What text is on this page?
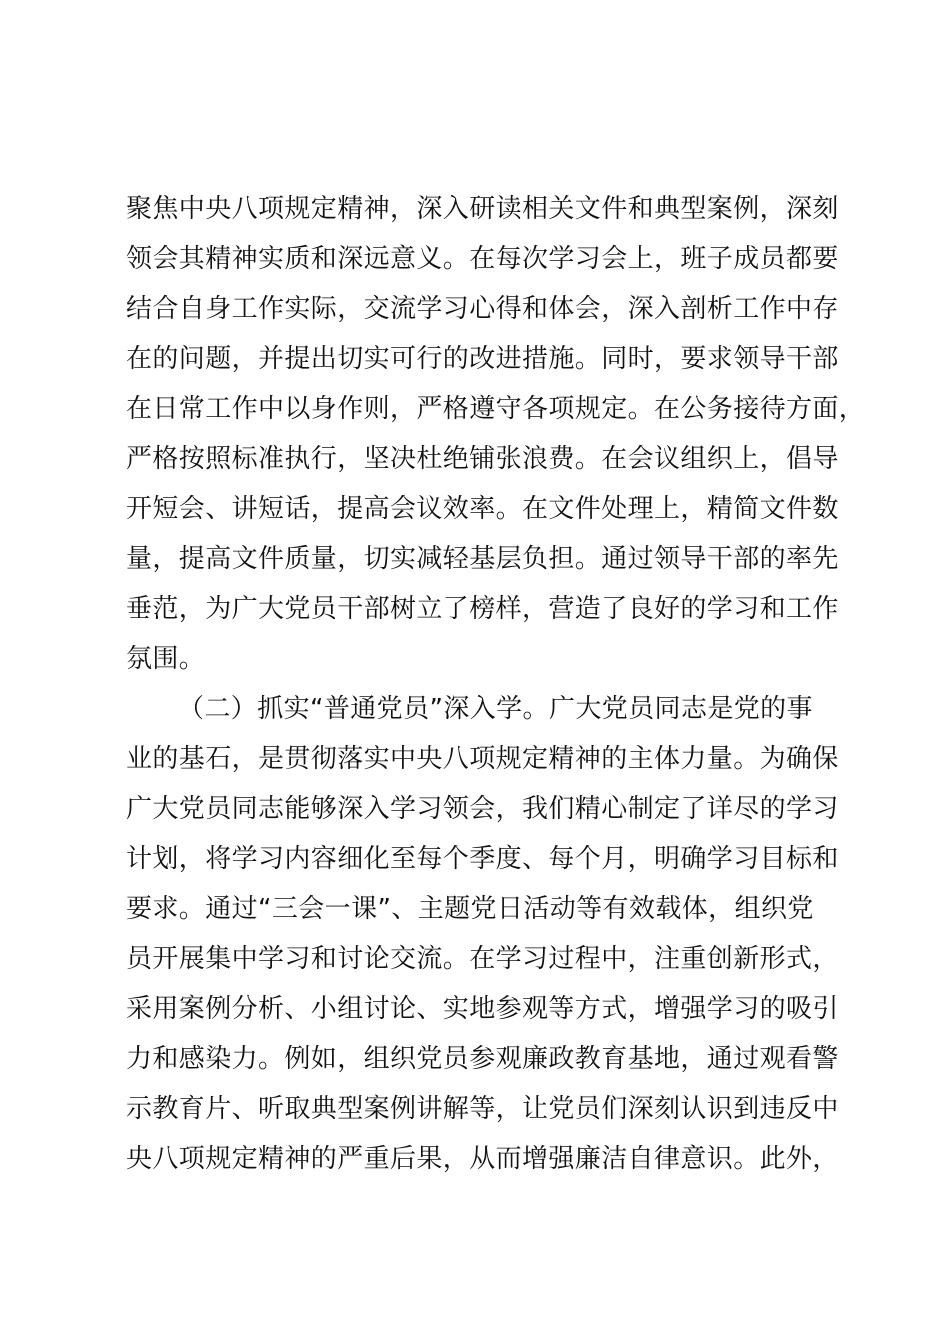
聚焦中央八项规定精神，深入研读相关文件和典型案例，深刻
领会其精神实质和深远意义。在每次学习会上，班子成员都要
结合自身工作实际，交流学习心得和体会，深入剖析工作中存
在的问题，并提出切实可行的改进措施。同时，要求领导干部
在日常工作中以身作则，严格遵守各项规定。在公务接待方面，
严格按照标准执行，坚决杜绝铺张浪费。在会议组织上，倡导
开短会、讲短话，提高会议效率。在文件处理上，精简文件数
量，提高文件质量，切实减轻基层负担。通过领导干部的率先
垂范，为广大党员干部树立了榜样，营造了良好的学习和工作
氛围。
（二）抓实“普通党员”深入学。广大党员同志是党的事
业的基石，是贯彻落实中央八项规定精神的主体力量。为确保
广大党员同志能够深入学习领会，我们精心制定了详尽的学习
计划，将学习内容细化至每个季度、每个月，明确学习目标和
要求。通过“三会一课”、主题党日活动等有效载体，组织党
员开展集中学习和讨论交流。在学习过程中，注重创新形式，
采用案例分析、小组讨论、实地参观等方式，增强学习的吸引
力和感染力。例如，组织党员参观廉政教育基地，通过观看警
示教育片、听取典型案例讲解等，让党员们深刻认识到违反中
央八项规定精神的严重后果，从而增强廉洁自律意识。此外，
